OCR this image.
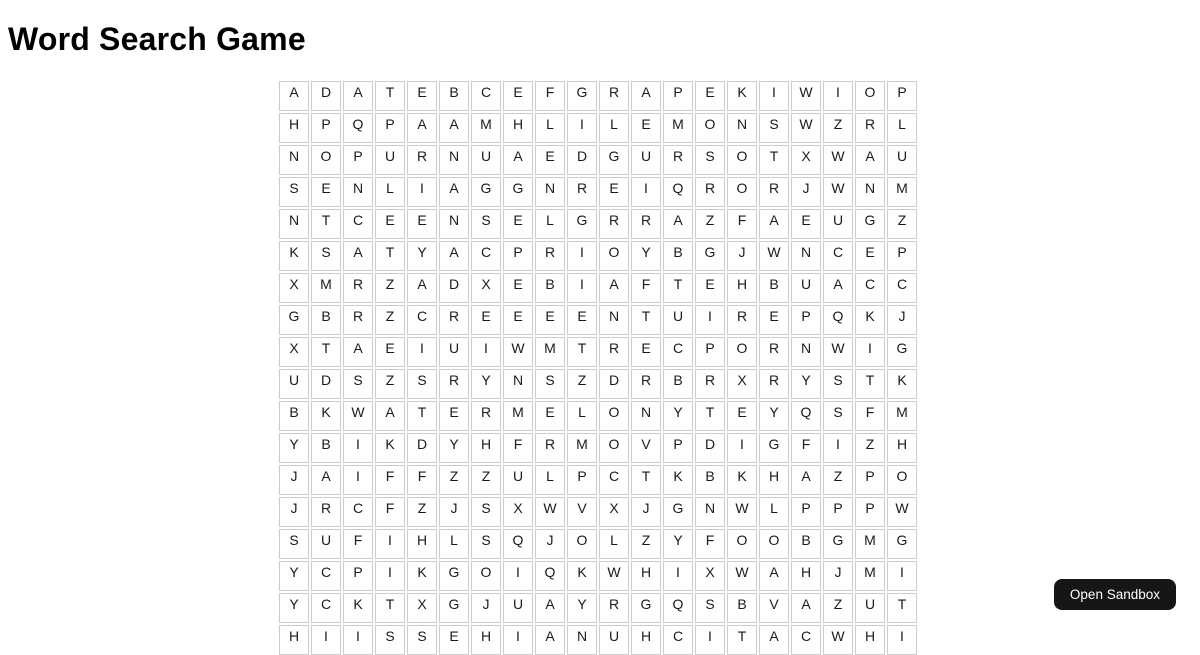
Word Search Game
A	D	A	T	E	B	C	E	F	G	R	A	P	E	K	I	W	I	O	P
H	P	Q	P	A	A	M	H	L	I	L	E	M	O	N	S	W	Z	R	L
N	O	P	U	R	N	U	A	E	D	G	U	R	S	O	T	X	W	A	U
S	E	N	L	I	A	G	G	N	R	E	I	Q	R	O	R	J	W	N	M
N	T	C	E	E	N	S	E	L	G	R	R	A	Z	F	A	E	U	G	Z
K	S	A	T	Y	A	C	P	R	I	O	Y	B	G	J	W	N	C	E	P
X	M	R	Z	A	D	X	E	B	I	A	F	T	E	H	B	U	A	C	C
G	B	R	Z	C	R	E	E	E	E	N	T	U	I	R	E	P	Q	K	J
X	T	A	E	I	U	I	W	M	T	R	E	C	P	O	R	N	W	I	G
U	D	S	Z	S	R	Y	N	S	Z	D	R	B	R	X	R	Y	S	T	K
B	K	W	A	T	E	R	M	E	L	O	N	Y	T	E	Y	Q	S	F	M
Y	B	I	K	D	Y	H	F	R	M	O	V	P	D	I	G	F	I	Z	H
J	A	I	F	F	Z	Z	U	L	P	C	T	K	B	K	H	A	Z	P	O
J	R	C	F	Z	J	S	X	W	V	X	J	G	N	W	L	P	P	P	W
S	U	F	I	H	L	S	Q	J	O	L	Z	Y	F	O	O	B	G	M	G
Y	C	P	I	K	G	O	I	Q	K	W	H	I	X	W	A	H	J	M	I
Y	C	K	T	X	G	J	U	A	Y	R	G	Q	S	B	V	A	Z	U	T
H	I	I	S	S	E	H	I	A	N	U	H	C	I	T	A	C	W	H	I
Open Sandbox
